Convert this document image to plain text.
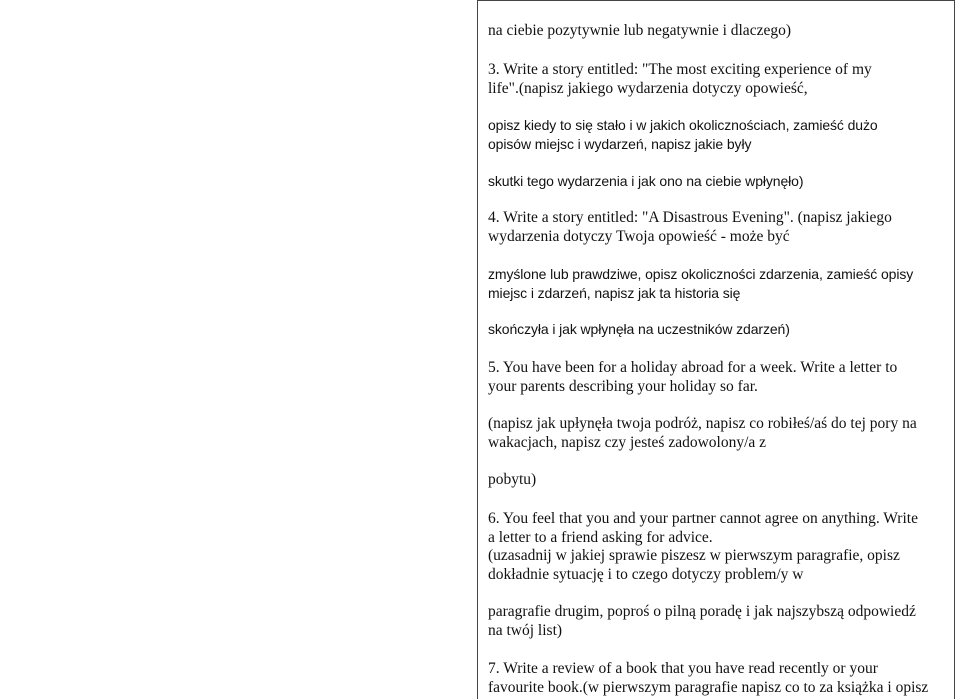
na ciebie pozytywnie lub negatywnie i dlaczego)
3. Write a story entitled: "The most exciting experience of my
life".(napisz jakiego wydarzenia dotyczy opowieść,
opisz kiedy to się stało i w jakich okolicznościach, zamieść dużo
opisów miejsc i wydarzeń, napisz jakie były
skutki tego wydarzenia i jak ono na ciebie wpłynęło)
4. Write a story entitled: "A Disastrous Evening". (napisz jakiego
wydarzenia dotyczy Twoja opowieść - może być
zmyślone lub prawdziwe, opisz okoliczności zdarzenia, zamieść opisy
miejsc i zdarzeń, napisz jak ta historia się
skończyła i jak wpłynęła na uczestników zdarzeń)
5. You have been for a holiday abroad for a week. Write a letter to
your parents describing your holiday so far.
(napisz jak upłynęła twoja podróż, napisz co robiłeś/aś do tej pory na
wakacjach, napisz czy jesteś zadowolony/a z
pobytu)
6. You feel that you and your partner cannot agree on anything. Write
a letter to a friend asking for advice.
(uzasadnij w jakiej sprawie piszesz w pierwszym paragrafie, opisz
dokładnie sytuację i to czego dotyczy problem/y w
paragrafie drugim, poproś o pilną poradę i jak najszybszą odpowiedź
na twój list)
7. Write a review of a book that you have read recently or your
favourite book.(w pierwszym paragrafie napisz co to za książka i opisz
